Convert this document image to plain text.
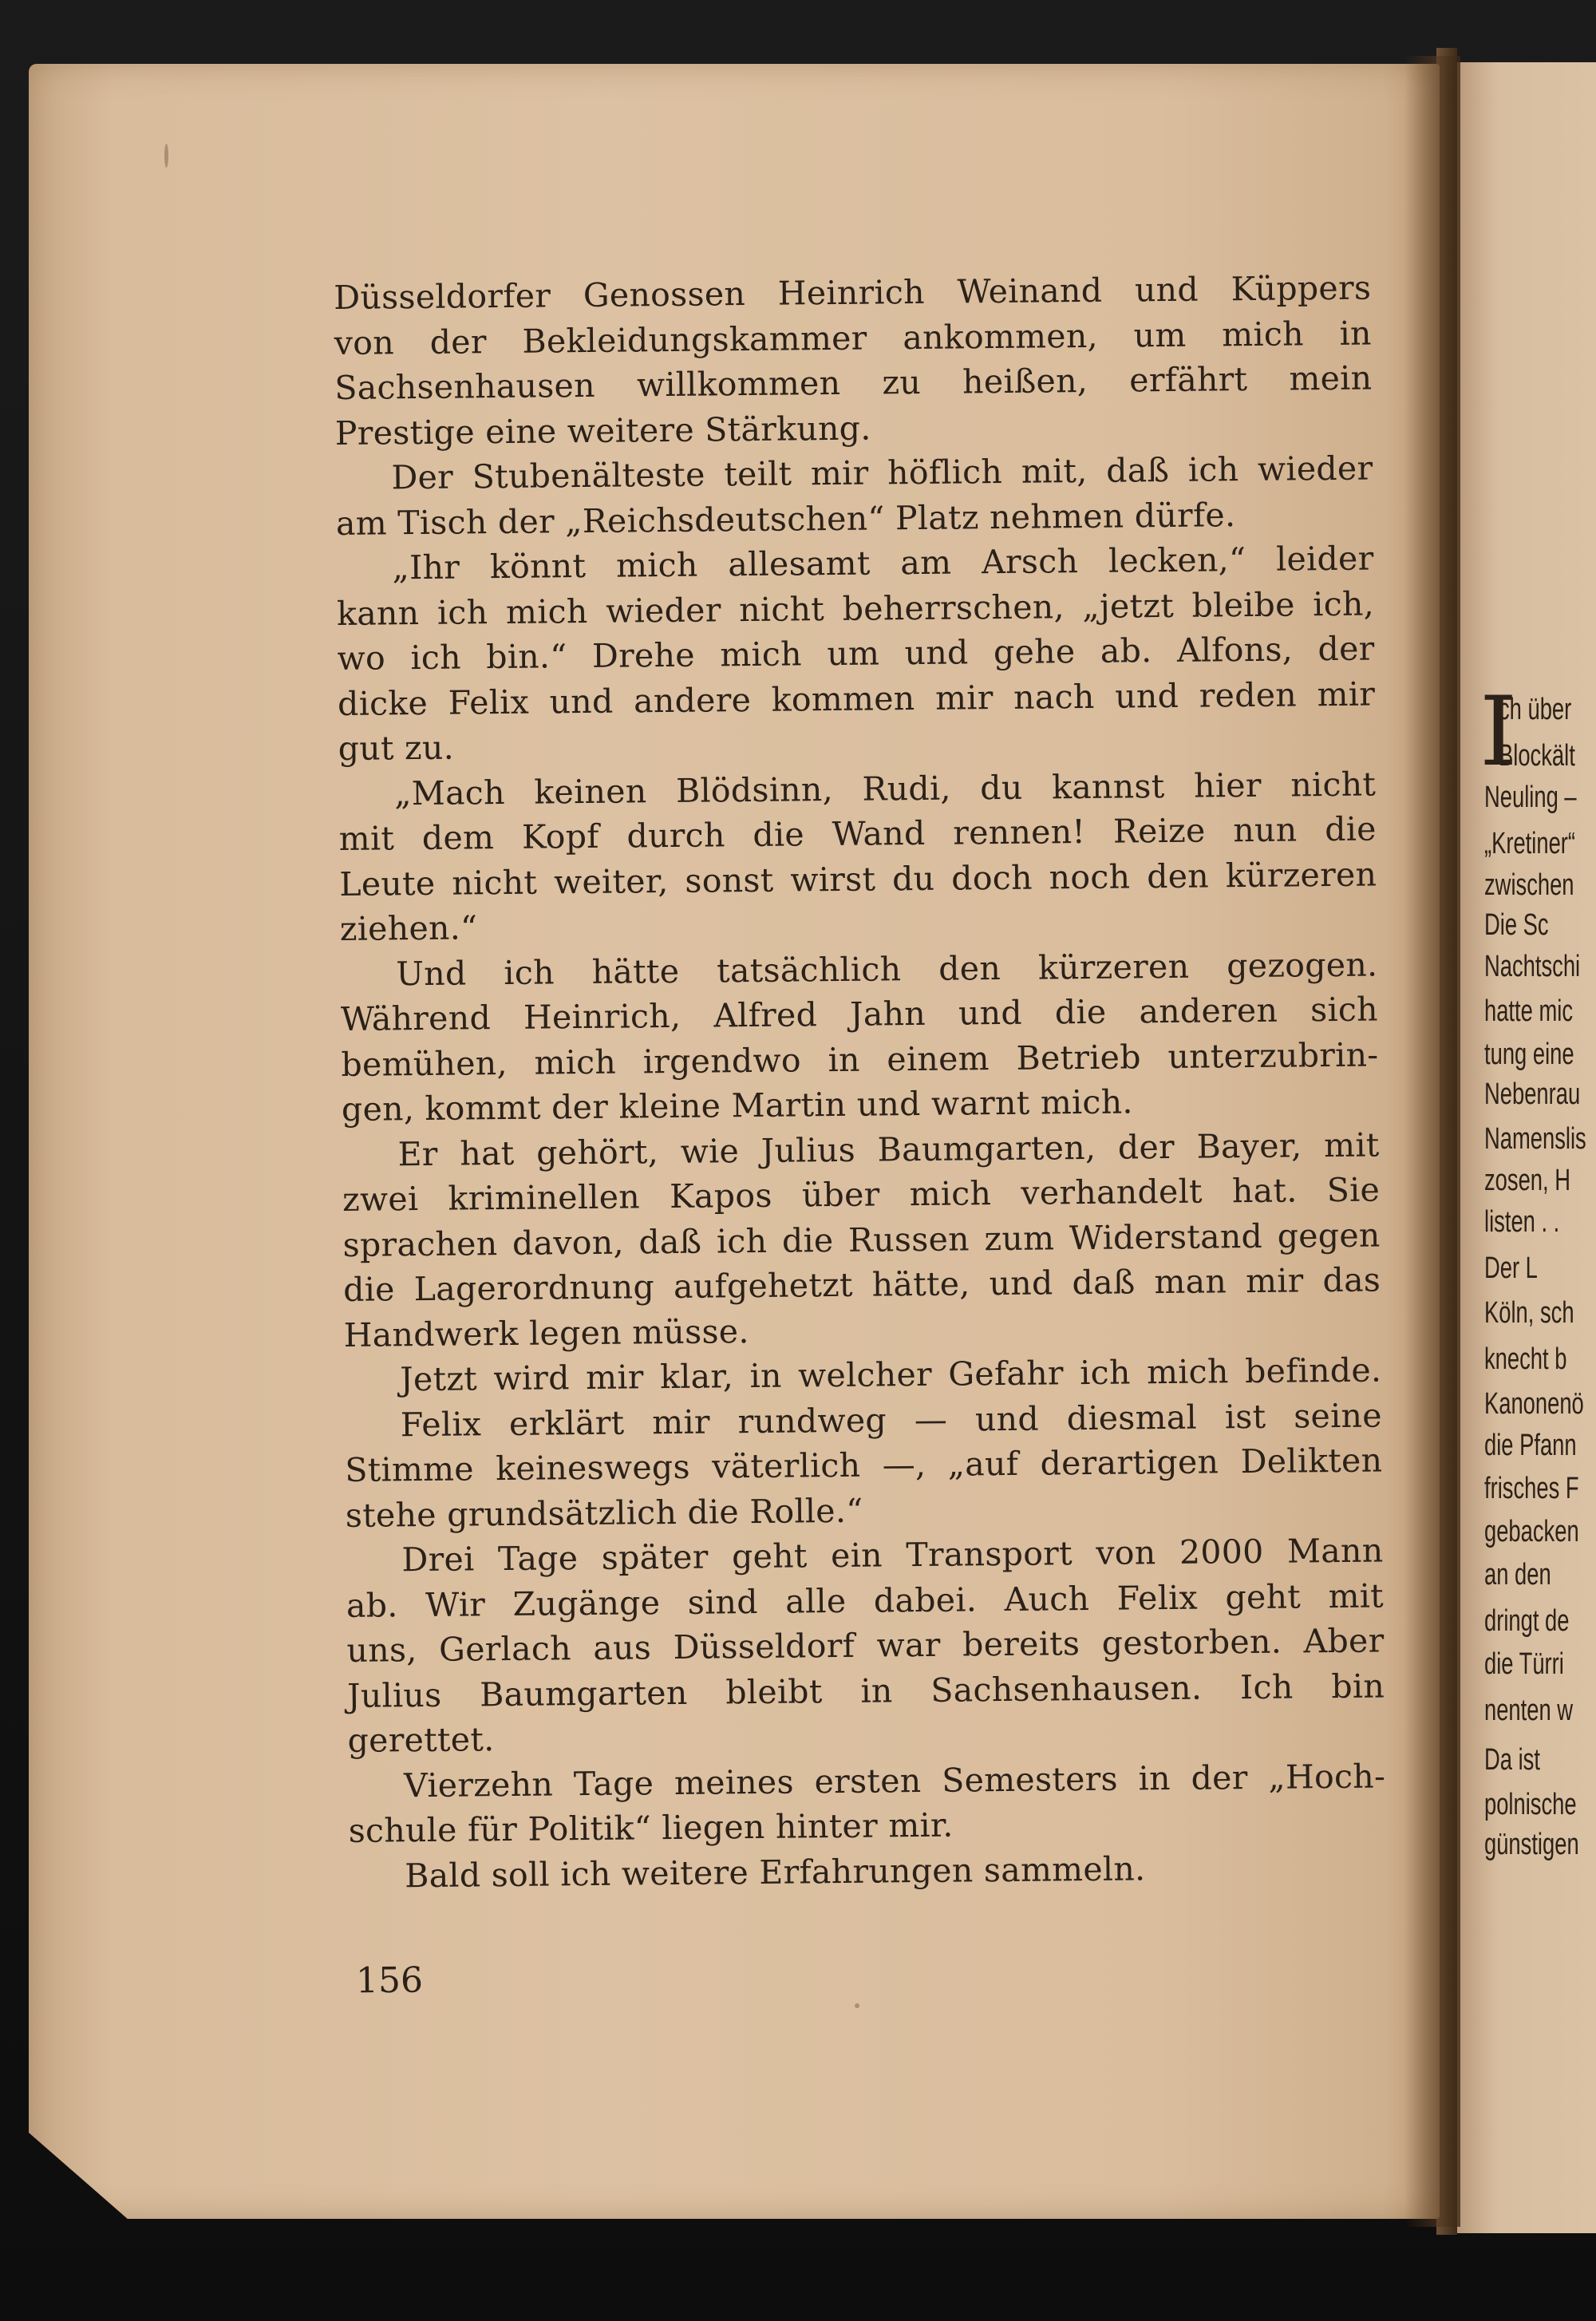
I
ch über
Blockält
Neuling –
„Kretiner“
zwischen
Die Sc
Nachtschi
hatte mic
tung eine
Nebenrau
Namenslis
zosen, H
listen . .
Der L
Köln, sch
knecht b
Kanonenö
die Pfann
frisches F
gebacken
an den
dringt de
die Türri
nenten w
Da ist
polnische
günstigen
Düsseldorfer Genossen Heinrich Weinand und Küppers
von der Bekleidungskammer ankommen, um mich in
Sachsenhausen willkommen zu heißen, erfährt mein
Prestige eine weitere Stärkung.
Der Stubenälteste teilt mir höflich mit, daß ich wieder
am Tisch der „Reichsdeutschen“ Platz nehmen dürfe.
„Ihr könnt mich allesamt am Arsch lecken,“ leider
kann ich mich wieder nicht beherrschen, „jetzt bleibe ich,
wo ich bin.“ Drehe mich um und gehe ab. Alfons, der
dicke Felix und andere kommen mir nach und reden mir
gut zu.
„Mach keinen Blödsinn, Rudi, du kannst hier nicht
mit dem Kopf durch die Wand rennen! Reize nun die
Leute nicht weiter, sonst wirst du doch noch den kürzeren
ziehen.“
Und ich hätte tatsächlich den kürzeren gezogen.
Während Heinrich, Alfred Jahn und die anderen sich
bemühen, mich irgendwo in einem Betrieb unterzubrin-
gen, kommt der kleine Martin und warnt mich.
Er hat gehört, wie Julius Baumgarten, der Bayer, mit
zwei kriminellen Kapos über mich verhandelt hat. Sie
sprachen davon, daß ich die Russen zum Widerstand gegen
die Lagerordnung aufgehetzt hätte, und daß man mir das
Handwerk legen müsse.
Jetzt wird mir klar, in welcher Gefahr ich mich befinde.
Felix erklärt mir rundweg — und diesmal ist seine
Stimme keineswegs väterlich —, „auf derartigen Delikten
stehe grundsätzlich die Rolle.“
Drei Tage später geht ein Transport von 2000 Mann
ab. Wir Zugänge sind alle dabei. Auch Felix geht mit
uns, Gerlach aus Düsseldorf war bereits gestorben. Aber
Julius Baumgarten bleibt in Sachsenhausen. Ich bin
gerettet.
Vierzehn Tage meines ersten Semesters in der „Hoch-
schule für Politik“ liegen hinter mir.
Bald soll ich weitere Erfahrungen sammeln.
156
